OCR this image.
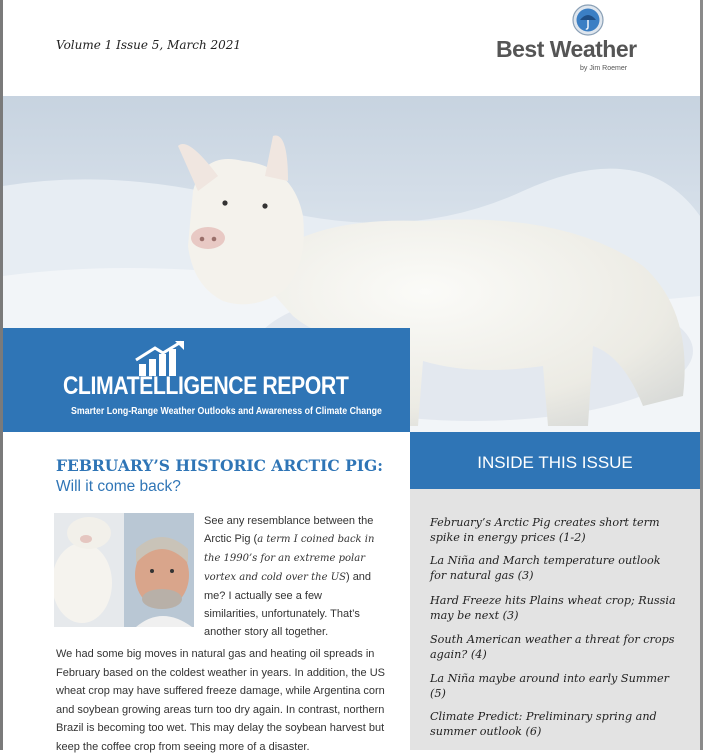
Volume 1 Issue 5, March 2021	Best Weather
by Jim Roemer
CLIMATELLIGENCE REPORT
Smarter Long-Range Weather Outlooks and Awareness of Climate Change
FEBRUARY’S HISTORIC ARCTIC PIG:
Will it come back?
See any resemblance between the Arctic Pig (a term I coined back in the 1990’s for an extreme polar vortex and cold over the US) and me? I actually see a few similarities, unfortunately. That’s another story all together.
We had some big moves in natural gas and heating oil spreads in February based on the coldest weather in years. In addition, the US wheat crop may have suffered freeze damage, while Argentina corn and soybean growing areas turn too dry again. In contrast, northern Brazil is becoming too wet. This may delay the soybean harvest but keep the coffee crop from seeing more of a disaster.
INSIDE THIS ISSUE
February’s Arctic Pig creates short term spike in energy prices (1-2)
La Niña and March temperature outlook for natural gas (3)
Hard Freeze hits Plains wheat crop; Russia may be next (3)
South American weather a threat for crops again? (4)
La Niña maybe around into early Summer (5)
Climate Predict: Preliminary spring and summer outlook (6)
